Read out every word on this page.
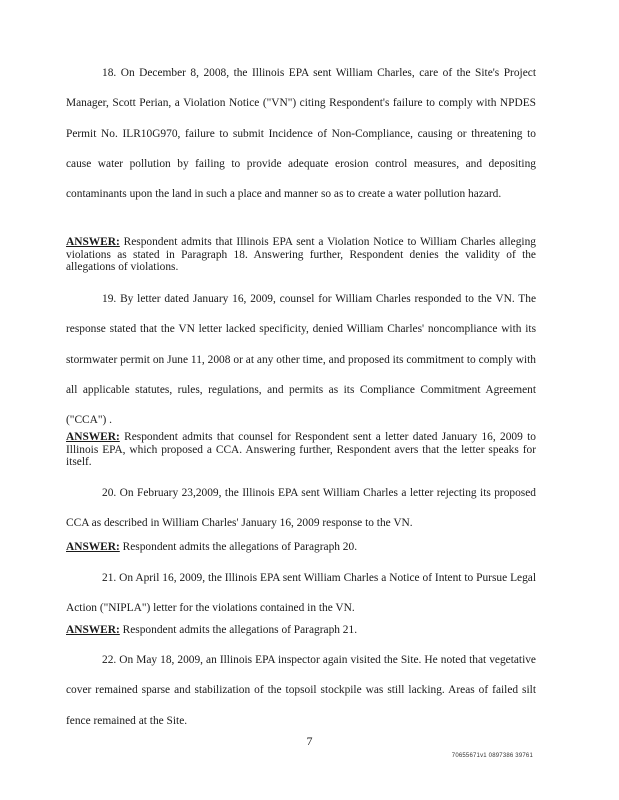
18. On December 8, 2008, the Illinois EPA sent William Charles, care of the Site's Project Manager, Scott Perian, a Violation Notice ("VN") citing Respondent's failure to comply with NPDES Permit No. ILR10G970, failure to submit Incidence of Non-Compliance, causing or threatening to cause water pollution by failing to provide adequate erosion control measures, and depositing contaminants upon the land in such a place and manner so as to create a water pollution hazard.
ANSWER: Respondent admits that Illinois EPA sent a Violation Notice to William Charles alleging violations as stated in Paragraph 18. Answering further, Respondent denies the validity of the allegations of violations.
19. By letter dated January 16, 2009, counsel for William Charles responded to the VN. The response stated that the VN letter lacked specificity, denied William Charles' noncompliance with its stormwater permit on June 11, 2008 or at any other time, and proposed its commitment to comply with all applicable statutes, rules, regulations, and permits as its Compliance Commitment Agreement ("CCA") .
ANSWER: Respondent admits that counsel for Respondent sent a letter dated January 16, 2009 to Illinois EPA, which proposed a CCA. Answering further, Respondent avers that the letter speaks for itself.
20. On February 23,2009, the Illinois EPA sent William Charles a letter rejecting its proposed CCA as described in William Charles' January 16, 2009 response to the VN.
ANSWER: Respondent admits the allegations of Paragraph 20.
21. On April 16, 2009, the Illinois EPA sent William Charles a Notice of Intent to Pursue Legal Action ("NIPLA") letter for the violations contained in the VN.
ANSWER: Respondent admits the allegations of Paragraph 21.
22. On May 18, 2009, an Illinois EPA inspector again visited the Site. He noted that vegetative cover remained sparse and stabilization of the topsoil stockpile was still lacking. Areas of failed silt fence remained at the Site.
7
70655671v1 0897386 39761
